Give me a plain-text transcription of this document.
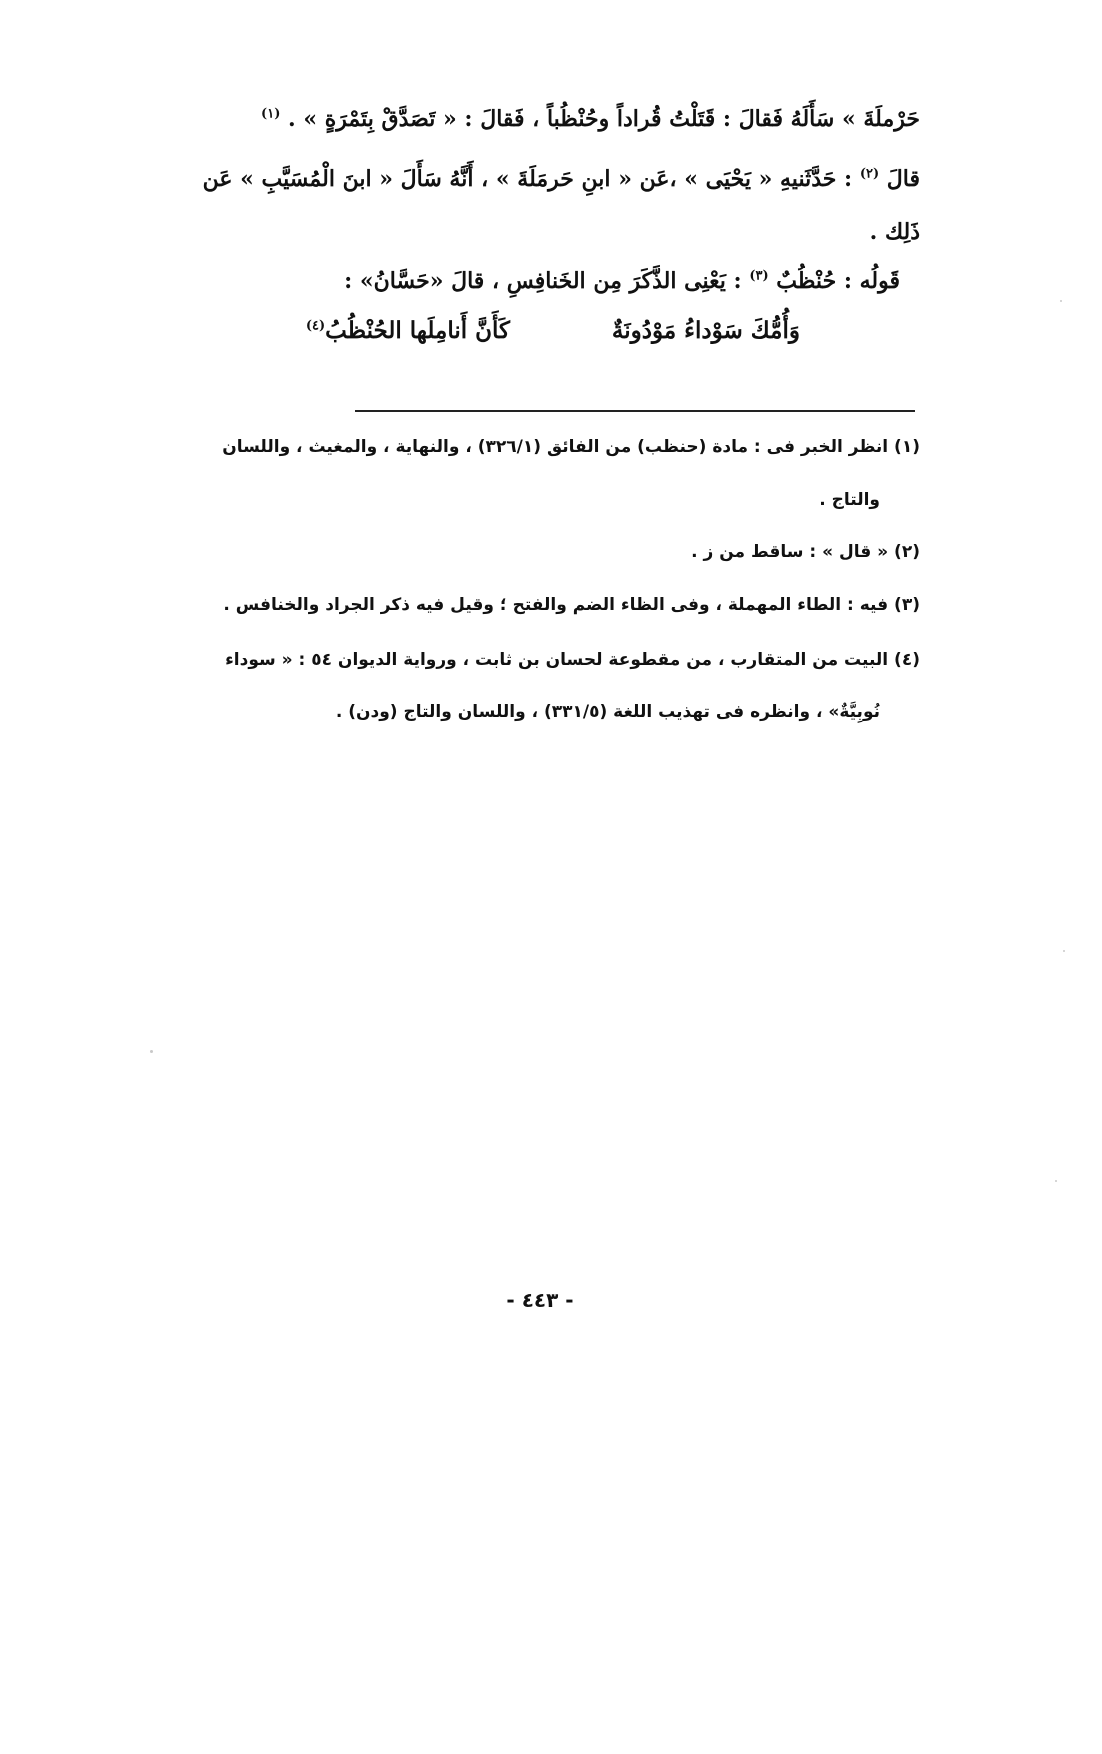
حَرْملَةَ » سَأَلَهُ فَقالَ : قَتَلْتُ قُراداً وحُنْظُباً ، فَقالَ : « تَصَدَّقْ بِتَمْرَةٍ » . $^{(١)}$
قالَ $^{(٢)}$ : حَدَّثَنيهِ « يَحْيَى » ،عَن « ابنِ حَرمَلَةَ » ، أَنَّهُ سَأَلَ « ابنَ الْمُسَيَّبِ » عَن
ذَلِك .
قَولُه : حُنْظُبٌ $^{(٣)}$ : يَعْنِى الذَّكَرَ مِن الخَنافِسِ ، قالَ «حَسَّانُ» :
وَأُمُّكَ سَوْداءُ مَوْدُونَةٌ
كَأَنَّ أَنامِلَها الحُنْظُبُ$^{(٤)}$
(١) انظر الخبر فى : مادة (حنظب) من الفائق (٣٢٦/١) ، والنهاية ، والمغيث ، واللسان
والتاج .
(٢) « قال » : ساقط من ز .
(٣) فيه : الطاء المهملة ، وفى الظاء الضم والفتح ؛ وقيل فيه ذكر الجراد والخنافس .
(٤) البيت من المتقارب ، من مقطوعة لحسان بن ثابت ، ورواية الديوان ٥٤ : « سوداء
نُوبِيَّةٌ» ، وانظره فى تهذيب اللغة (٣٣١/٥) ، واللسان والتاج (ودن) .
- ٤٤٣ -
